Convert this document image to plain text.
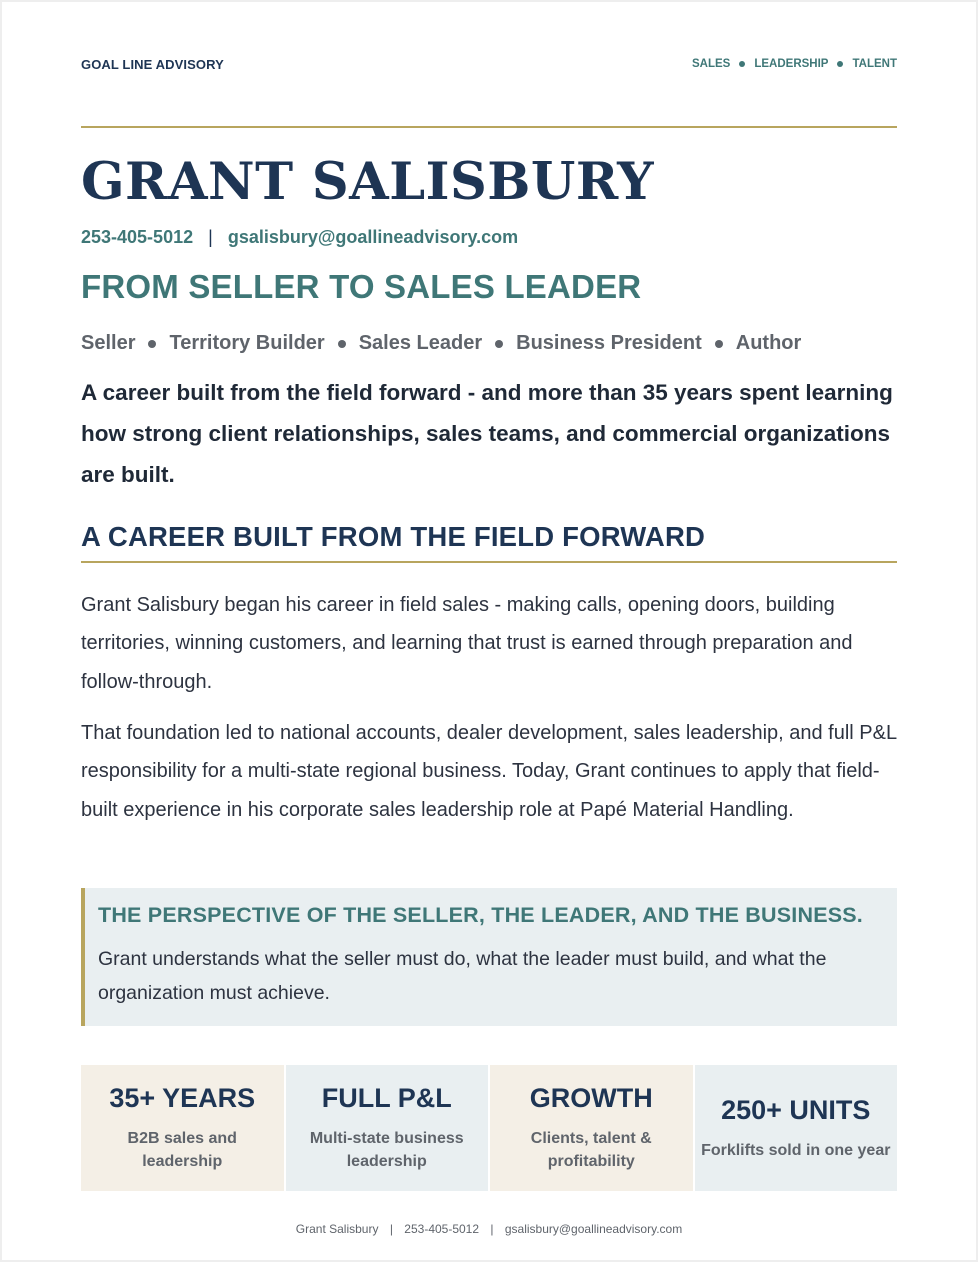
GOAL LINE ADVISORY	SALES LEADERSHIP TALENT
GRANT SALISBURY
253-405-5012 | gsalisbury@goallineadvisory.com
FROM SELLER TO SALES LEADER
Seller Territory Builder Sales Leader Business President Author

A career built from the field forward - and more than 35 years spent learning how strong client relationships, sales teams, and commercial organizations are built.

A CAREER BUILT FROM THE FIELD FORWARD

Grant Salisbury began his career in field sales - making calls, opening doors, building territories, winning customers, and learning that trust is earned through preparation and follow-through.

That foundation led to national accounts, dealer development, sales leadership, and full P&L responsibility for a multi-state regional business. Today, Grant continues to apply that field-built experience in his corporate sales leadership role at Papé Material Handling.

THE PERSPECTIVE OF THE SELLER, THE LEADER, AND THE BUSINESS.
Grant understands what the seller must do, what the leader must build, and what the organization must achieve.
35+ YEARS
B2B sales and leadership
FULL P&L
Multi-state business leadership
GROWTH
Clients, talent & profitability
250+ UNITS
Forklifts sold in one year
Grant Salisbury | 253-405-5012 | gsalisbury@goallineadvisory.com
